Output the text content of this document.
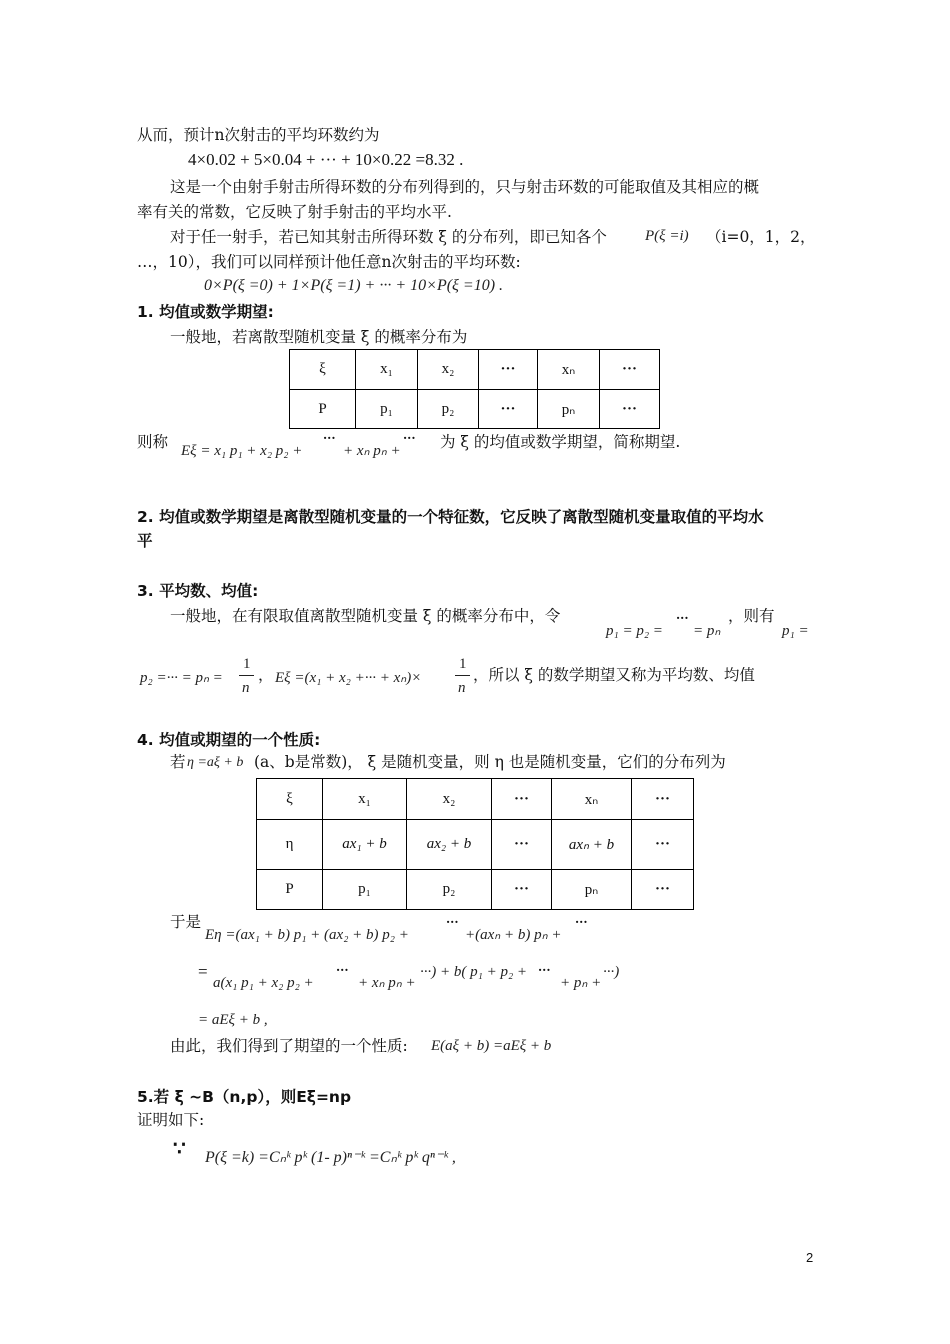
从而，预计n次射击的平均环数约为
4×0.02 + 5×0.04 + ··· + 10×0.22 =8.32 .
这是一个由射手射击所得环数的分布列得到的，只与射击环数的可能取值及其相应的概
率有关的常数，它反映了射手射击的平均水平.
对于任一射手，若已知其射击所得环数 ξ 的分布列，即已知各个	P(ξ =i) （i=0，1，2，
…，10），我们可以同样预计他任意n次射击的平均环数:
0×P(ξ =0) + 1×P(ξ =1) + ··· + 10×P(ξ =10) .
1. 均值或数学期望:
一般地，若离散型随机变量 ξ 的概率分布为
ξ	x₁	x₂	···	xₙ	···
P	p₁	p₂	···	pₙ	···
则称 Eξ = x₁ p₁ + x₂ p₂ +
···
+ xₙ pₙ +
··· 为 ξ 的均值或数学期望，简称期望.
2. 均值或数学期望是离散型随机变量的一个特征数，它反映了离散型随机变量取值的平均水
平
3. 平均数、均值:
一般地，在有限取值离散型随机变量 ξ 的概率分布中，令
p₁ = p₂ =
···
= pₙ
，则有
p₁ =
p₂ =··· = pₙ =
1
n
， Eξ =(x₁ + x₂ +··· + xₙ)×
1
n
，所以 ξ 的数学期望又称为平均数、均值
4. 均值或期望的一个性质:
若 η =aξ + b (a、b是常数)， ξ 是随机变量，则 η 也是随机变量，它们的分布列为
ξ	x₁	x₂	···	xₙ	···
η	ax₁ + b	ax₂ + b	···	axₙ + b	···
P	p₁	p₂	···	pₙ	···
于是
Eη =(ax₁ + b) p₁ + (ax₂ + b) p₂ +
···
+(axₙ + b) pₙ +
···
=
a(x₁ p₁ + x₂ p₂ +
···
+ xₙ pₙ +
···) + b( p₁ + p₂ + ···
+ pₙ +
···)
= aEξ + b ,
由此，我们得到了期望的一个性质: E(aξ + b) =aEξ + b
5.若 ξ ~B（n,p），则Eξ=np
证明如下:
∵ P(ξ =k) =Cₙᵏ pᵏ (1- p)ⁿ⁻ᵏ =Cₙᵏ pᵏ qⁿ⁻ᵏ ,
2
